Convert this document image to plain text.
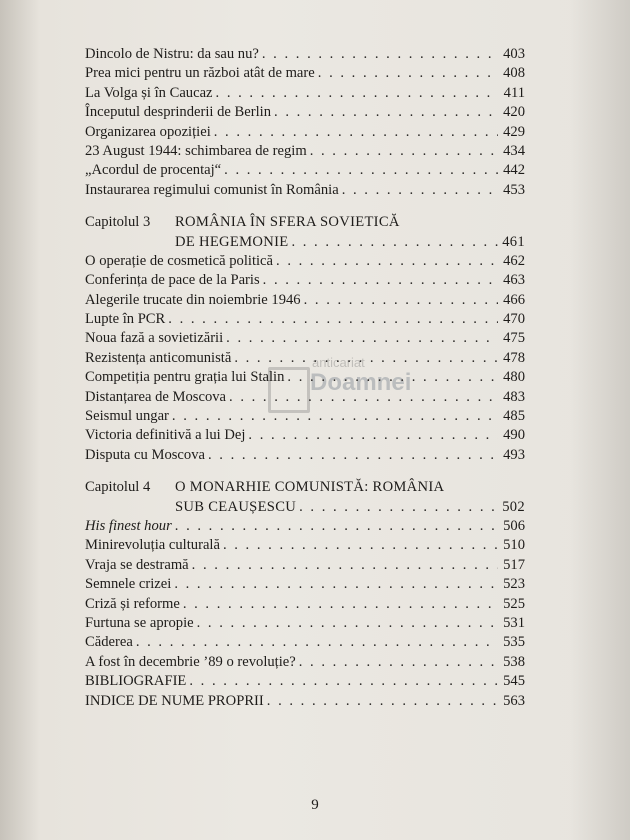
anticariat
Doamnei
Dincolo de Nistru: da sau nu? . . .	403
Prea mici pentru un război atât de mare . . .	408
La Volga și în Caucaz . . .	411
Începutul desprinderii de Berlin . . .	420
Organizarea opoziției . . .	429
23 August 1944: schimbarea de regim . . .	434
„Acordul de procentaj“ . . .	442
Instaurarea regimului comunist în România . . .	453
Capitolul 3	ROMÂNIA ÎN SFERA SOVIETICĂ
DE HEGEMONIE . . .	461
O operație de cosmetică politică . . .	462
Conferința de pace de la Paris . . .	463
Alegerile trucate din noiembrie 1946 . . .	466
Lupte în PCR . . .	470
Noua fază a sovietizării . . .	475
Rezistența anticomunistă . . .	478
Competiția pentru grația lui Stalin . . .	480
Distanțarea de Moscova . . .	483
Seismul ungar . . .	485
Victoria definitivă a lui Dej . . .	490
Disputa cu Moscova . . .	493
Capitolul 4	O MONARHIE COMUNISTĂ: ROMÂNIA
SUB CEAUȘESCU . . .	502
His finest hour . . .	506
Minirevoluția culturală . . .	510
Vraja se destramă . . .	517
Semnele crizei . . .	523
Criză și reforme . . .	525
Furtuna se apropie . . .	531
Căderea . . .	535
A fost în decembrie ’89 o revoluție? . . .	538
BIBLIOGRAFIE . . .	545
INDICE DE NUME PROPRII . . .	563
9
